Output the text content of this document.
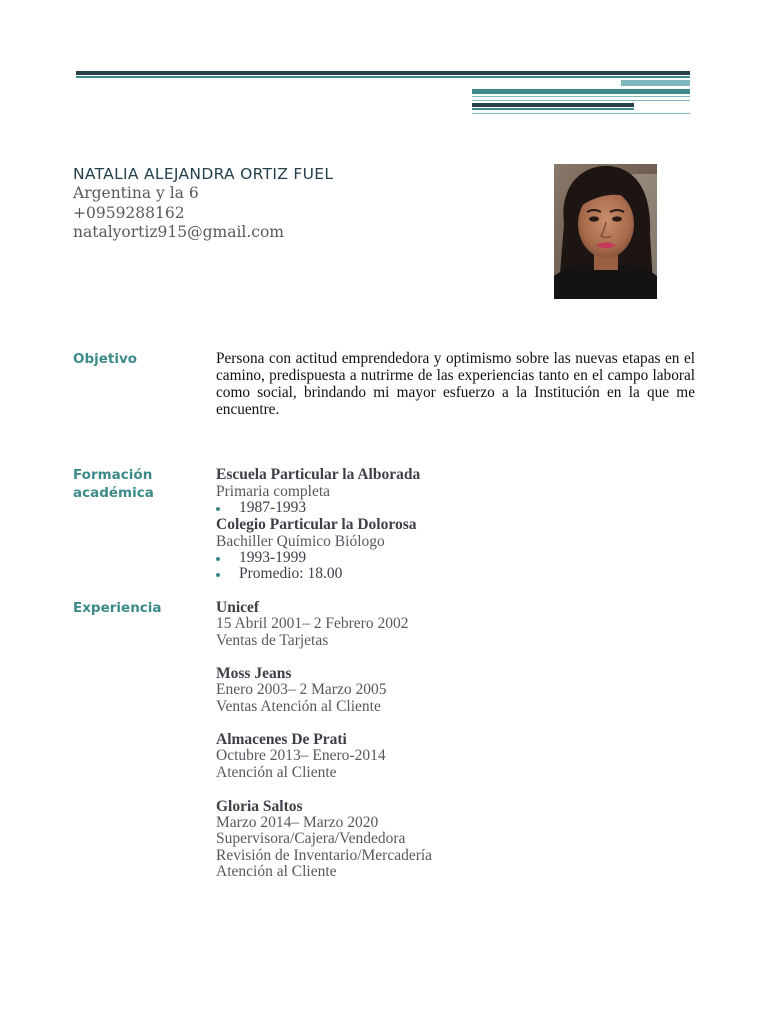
NATALIA ALEJANDRA ORTIZ FUEL
Argentina y la 6
+0959288162
natalyortiz915@gmail.com
Objetivo	Persona con actitud emprendedora y optimismo sobre las nuevas etapas en el camino, predispuesta a nutrirme de las experiencias tanto en el campo laboral como social, brindando mi mayor esfuerzo a la Institución en la que me encuentre.
Formación
académica
Escuela Particular la Alborada
Primaria completa
1987-1993
Colegio Particular la Dolorosa
Bachiller Químico Biólogo
1993-1999
Promedio: 18.00
Experiencia	Unicef
15 Abril 2001– 2 Febrero 2002
Ventas de Tarjetas
Moss Jeans
Enero 2003– 2 Marzo 2005
Ventas Atención al Cliente
Almacenes De Prati
Octubre 2013– Enero-2014
Atención al Cliente
Gloria Saltos
Marzo 2014– Marzo 2020
Supervisora/Cajera/Vendedora
Revisión de Inventario/Mercadería
Atención al Cliente
